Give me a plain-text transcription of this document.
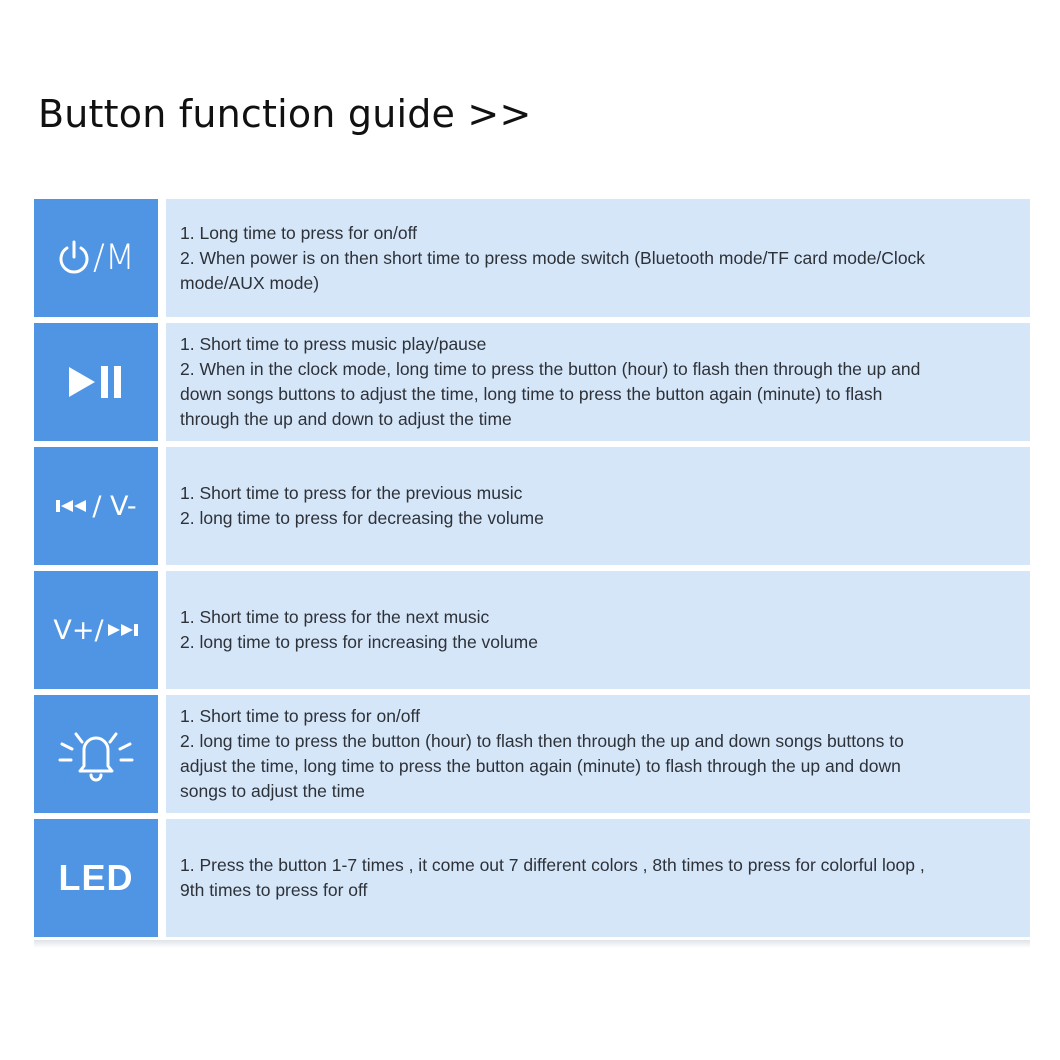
Button function guide >>
/M
1. Long time to press for on/off
2. When power is on then short time to press mode switch (Bluetooth mode/TF card mode/Clock
mode/AUX mode)
1. Short time to press music play/pause
2. When in the clock mode, long time to press the button (hour) to flash then through the up and
down songs buttons to adjust the time, long time to press the button again (minute) to flash
through the up and down to adjust the time
/ V- 1. Short time to press for the previous music
2. long time to press for decreasing the volume
V+/	1. Short time to press for the next music
2. long time to press for increasing the volume
1. Short time to press for on/off
2. long time to press the button (hour) to flash then through the up and down songs buttons to
adjust the time, long time to press the button again (minute) to flash through the up and down
songs to adjust the time
LED	1. Press the button 1-7 times , it come out 7 different colors , 8th times to press for colorful loop ,
9th times to press for off
